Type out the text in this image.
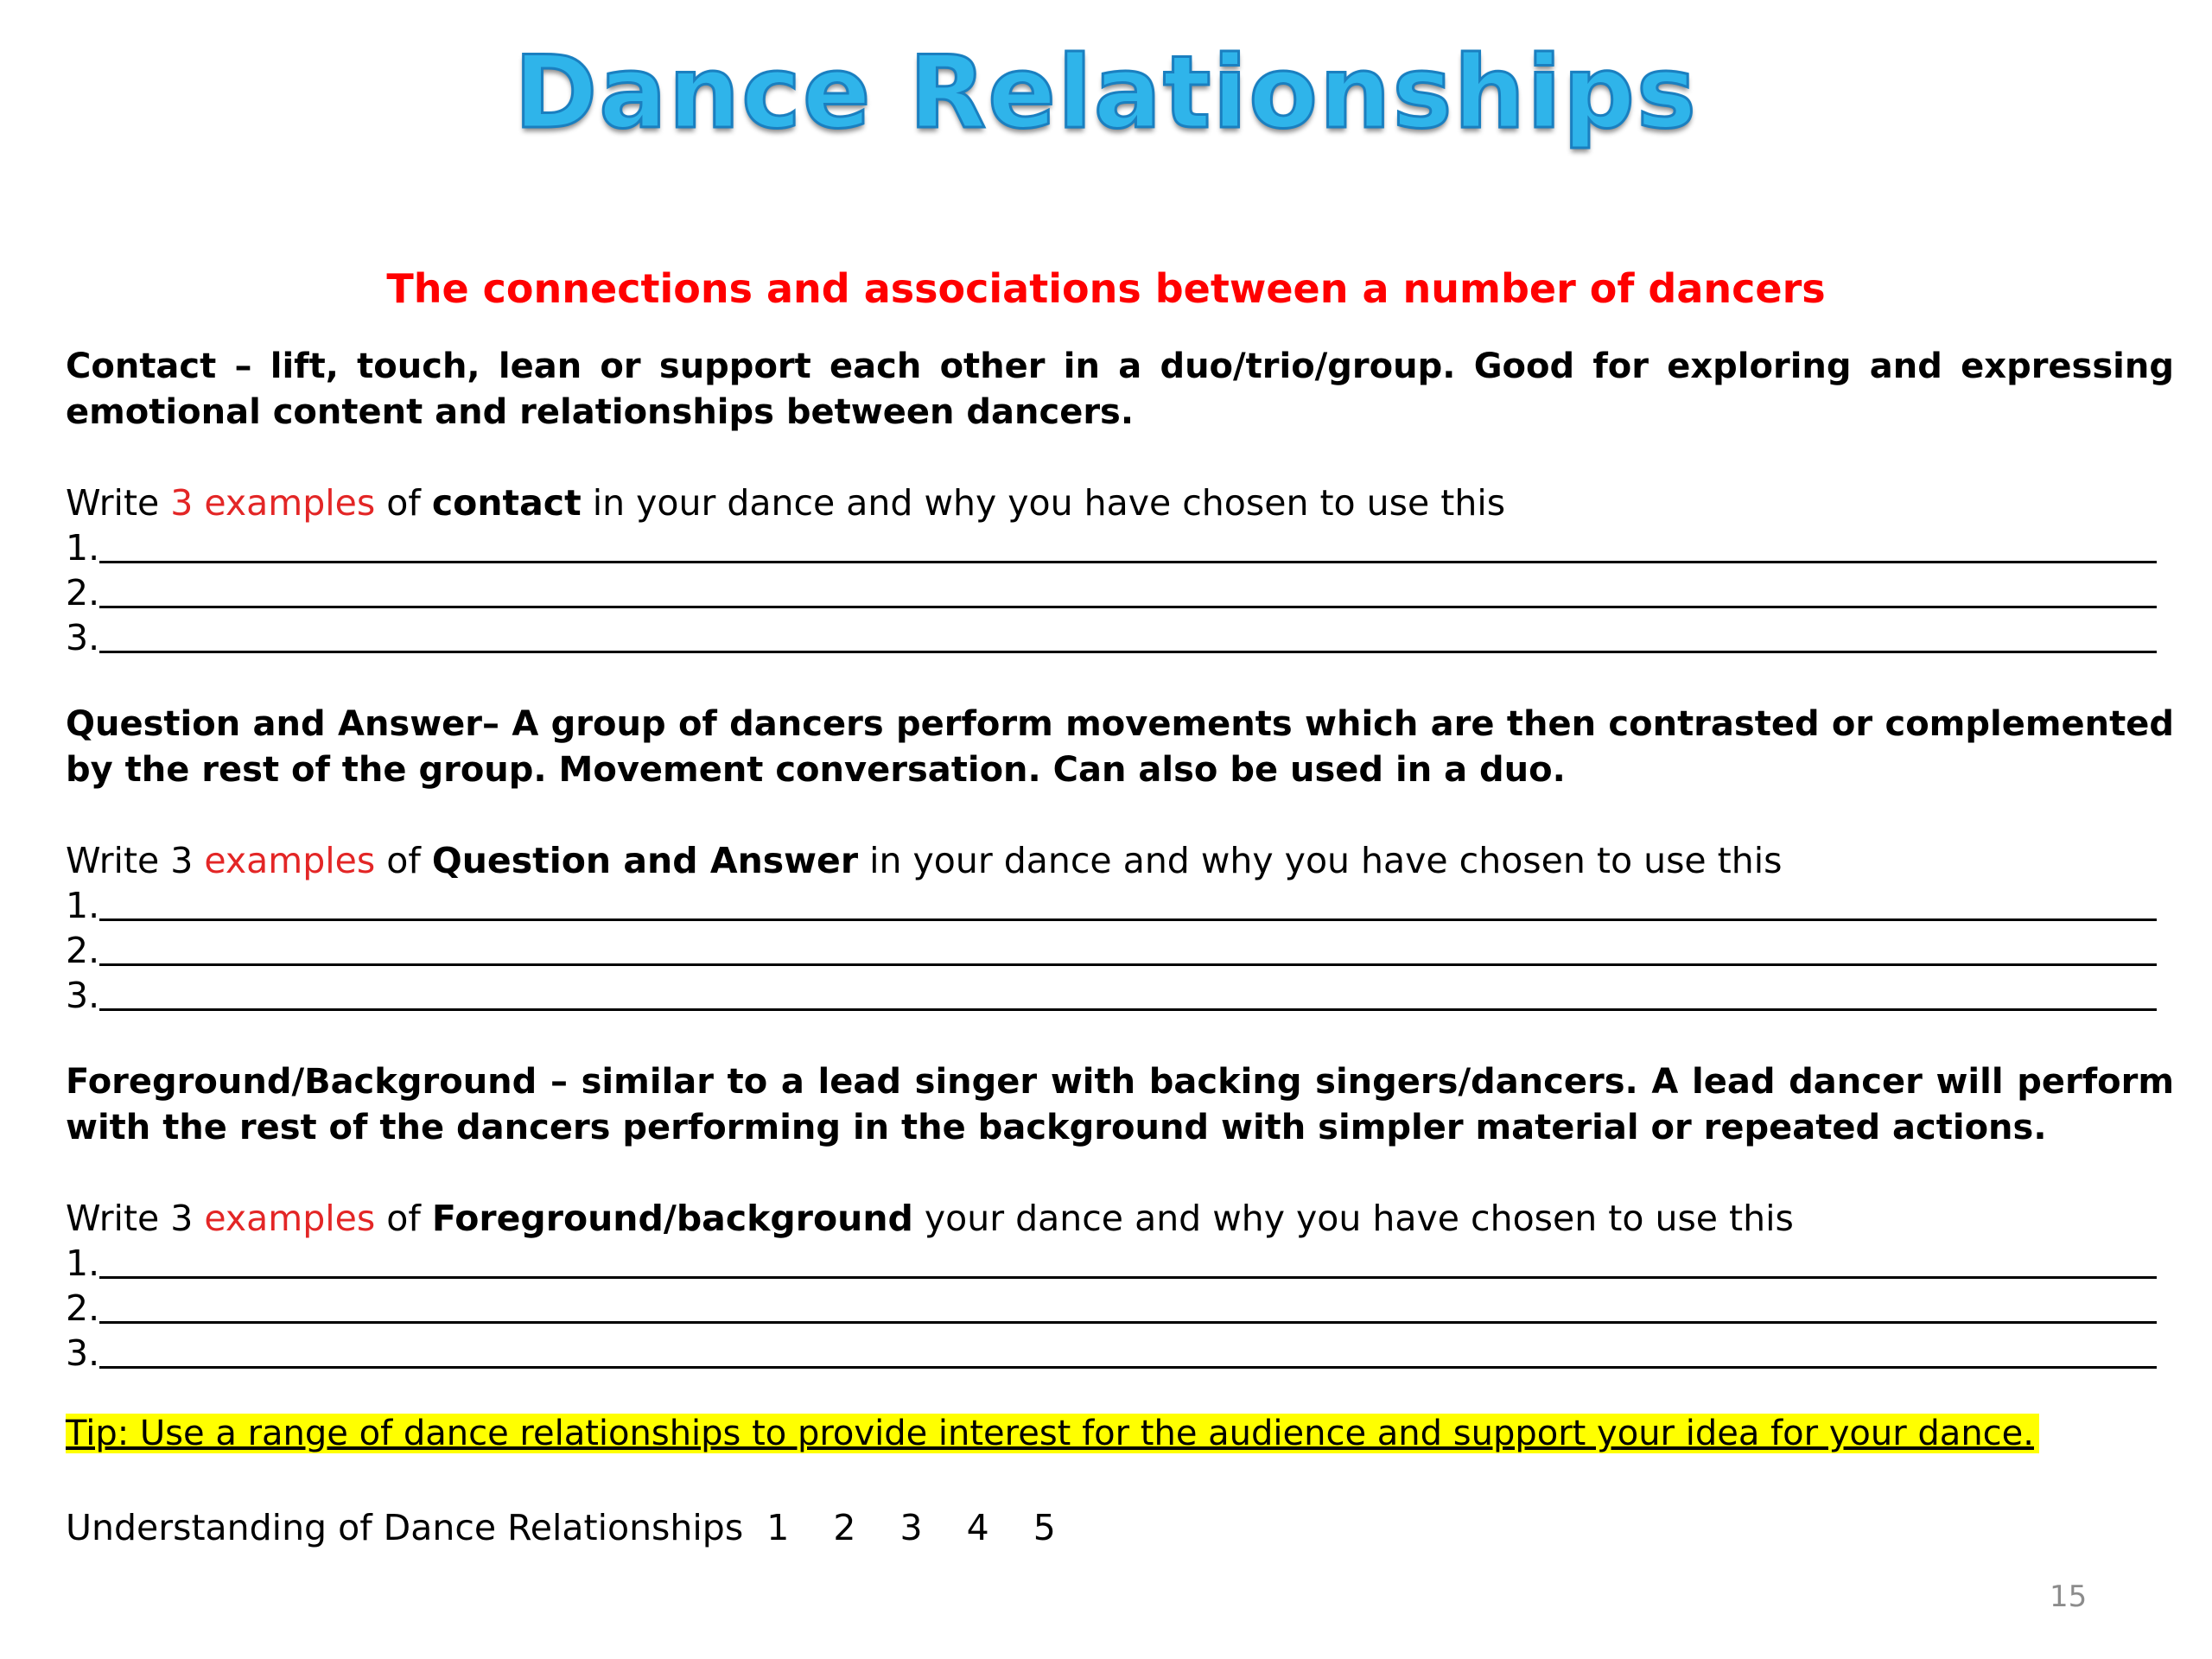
Dance Relationships
The connections and associations between a number of dancers

Contact – lift, touch, lean or support each other in a duo/trio/group. Good for exploring and expressing emotional content and relationships between dancers.

Write 3 examples of contact in your dance and why you have chosen to use this

1.
2.
3.

Question and Answer– A group of dancers perform movements which are then contrasted or complemented by the rest of the group. Movement conversation. Can also be used in a duo.

Write 3 examples of Question and Answer in your dance and why you have chosen to use this

1.
2.
3.

Foreground/Background – similar to a lead singer with backing singers/dancers. A lead dancer will perform with the rest of the dancers performing in the background with simpler material or repeated actions.

Write 3 examples of Foreground/background your dance and why you have chosen to use this

1.
2.
3.
Tip: Use a range of dance relationships to provide interest for the audience and support your idea for your dance.
Understanding of Dance Relationships 1 2 3 4 5
15
